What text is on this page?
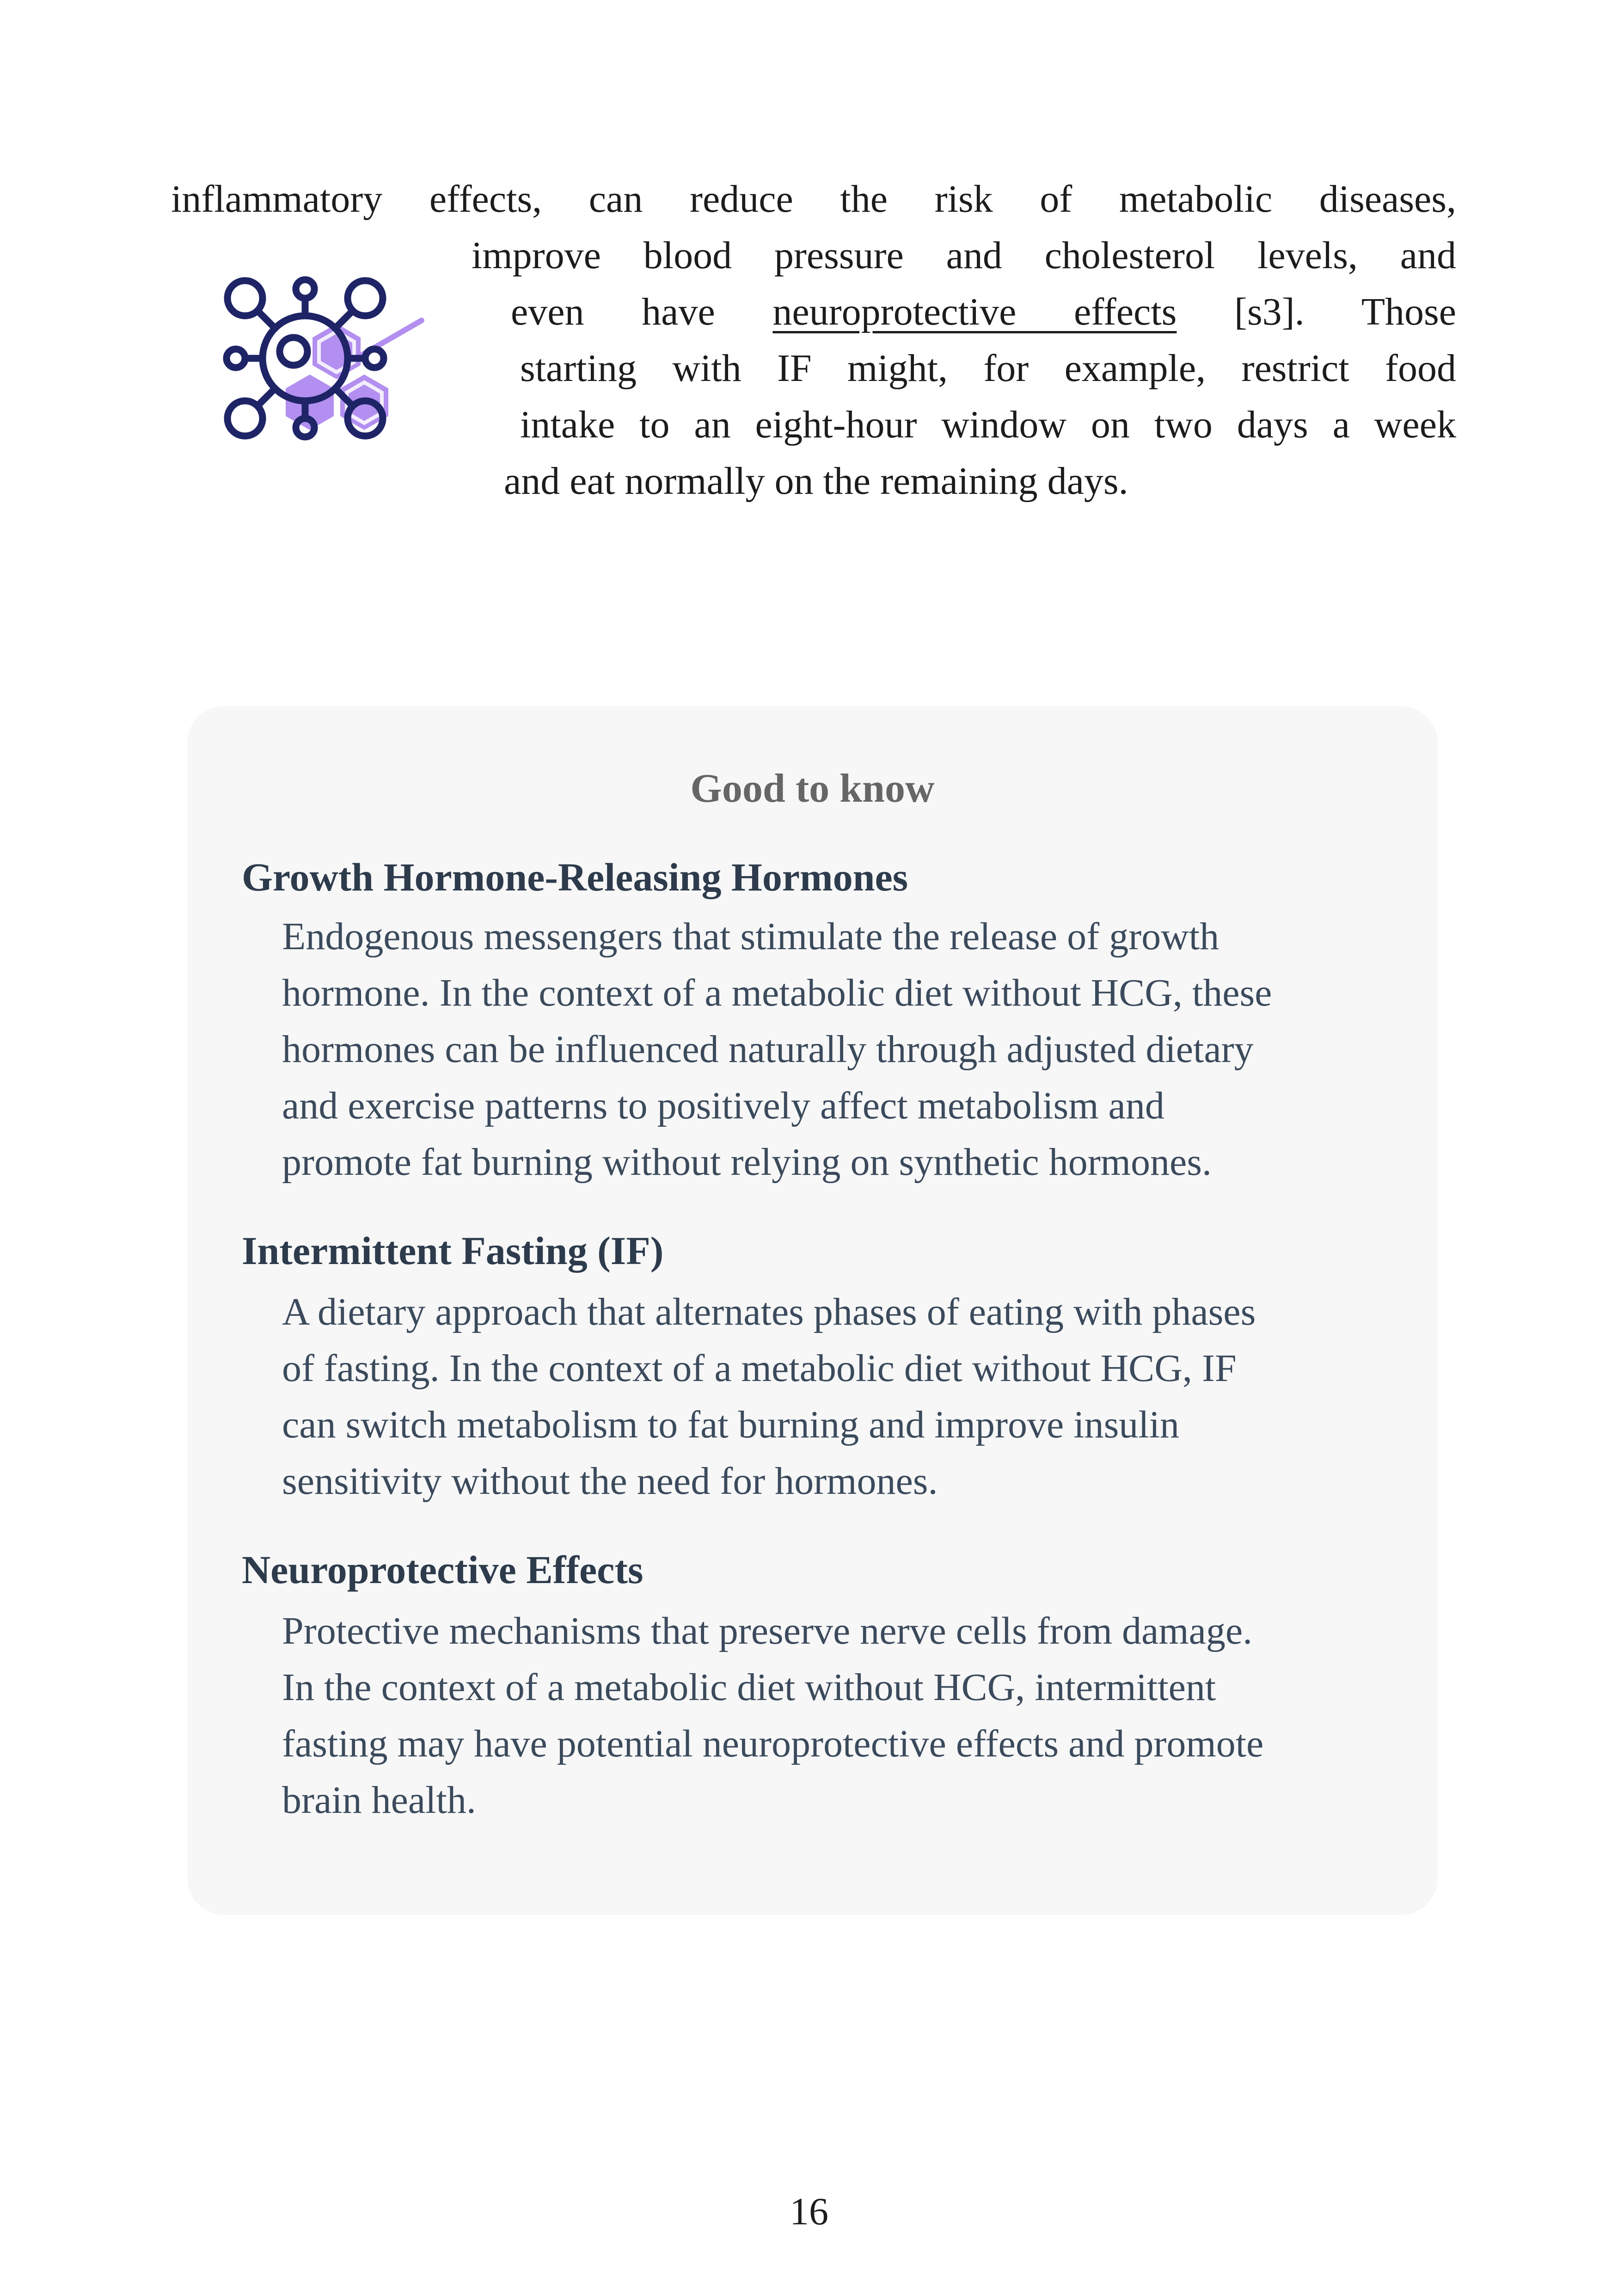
inflammatory effects, can reduce the risk of metabolic diseases,
improve blood pressure and cholesterol levels, and
even have neuroprotective effects [s3]. Those
starting with IF might, for example, restrict food
intake to an eight-hour window on two days a week
and eat normally on the remaining days.
Good to know
Growth Hormone-Releasing Hormones

Endogenous messengers that stimulate the release of growth

hormone. In the context of a metabolic diet without HCG, these

hormones can be influenced naturally through adjusted dietary

and exercise patterns to positively affect metabolism and

promote fat burning without relying on synthetic hormones.

Intermittent Fasting (IF)

A dietary approach that alternates phases of eating with phases

of fasting. In the context of a metabolic diet without HCG, IF

can switch metabolism to fat burning and improve insulin

sensitivity without the need for hormones.

Neuroprotective Effects

Protective mechanisms that preserve nerve cells from damage.

In the context of a metabolic diet without HCG, intermittent

fasting may have potential neuroprotective effects and promote

brain health.

16
